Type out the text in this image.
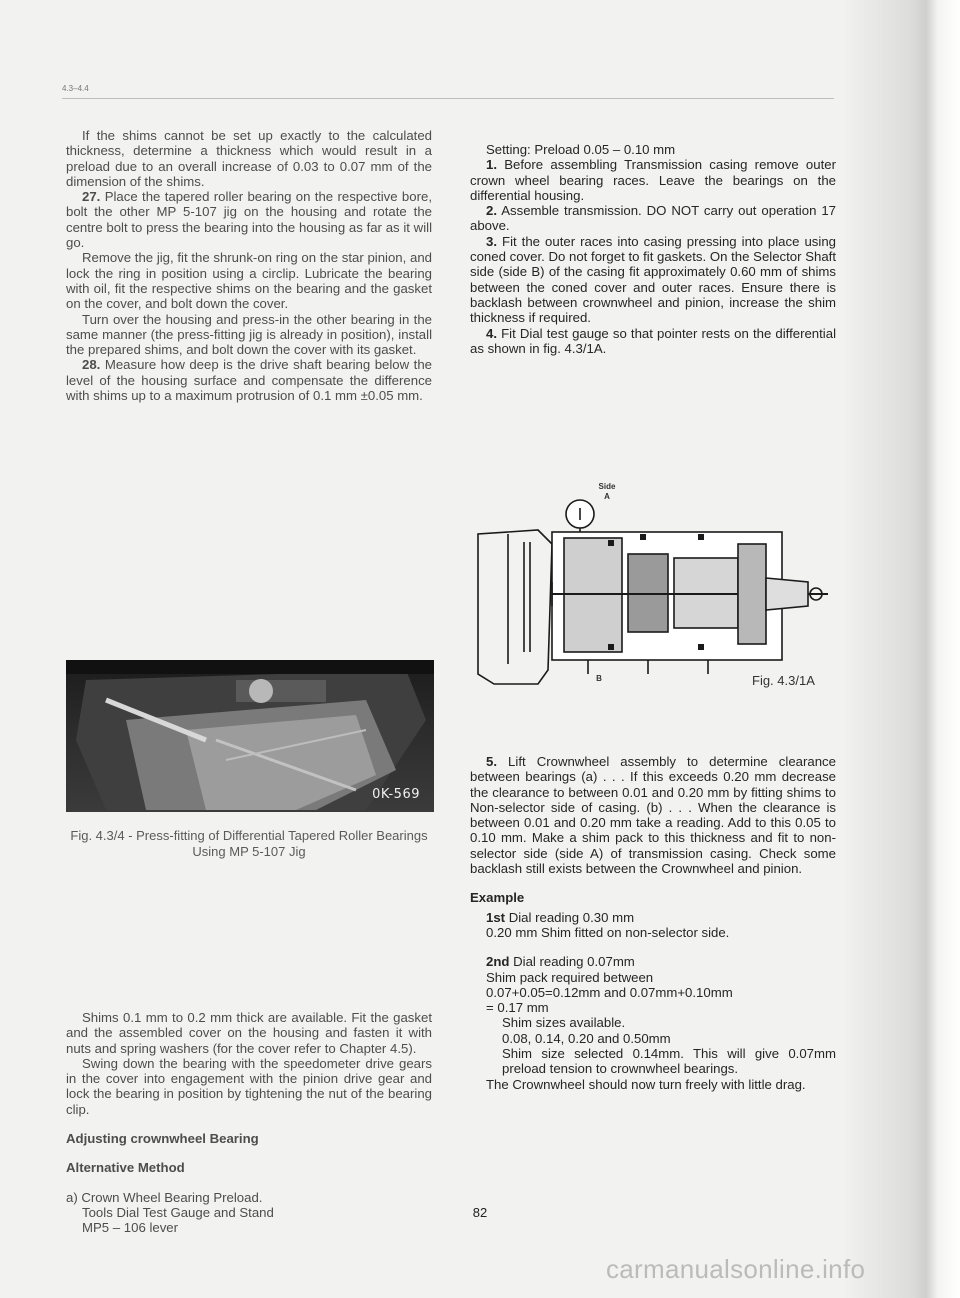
4.3–4.4

If the shims cannot be set up exactly to the calculated thickness, determine a thickness which would result in a preload due to an overall increase of 0.03 to 0.07 mm of the dimension of the shims.

27. Place the tapered roller bearing on the respective bore, bolt the other MP 5-107 jig on the housing and rotate the centre bolt to press the bearing into the housing as far as it will go.

Remove the jig, fit the shrunk-on ring on the star pinion, and lock the ring in position using a circlip. Lubricate the bearing with oil, fit the respective shims on the bearing and the gasket on the cover, and bolt down the cover.

Turn over the housing and press-in the other bearing in the same manner (the press-fitting jig is already in position), install the prepared shims, and bolt down the cover with its gasket.

28. Measure how deep is the drive shaft bearing below the level of the housing surface and compensate the difference with shims up to a maximum protrusion of 0.1 mm ±0.05 mm.

0K-569
Fig. 4.3/4 - Press-fitting of Differential Tapered Roller Bearings Using MP 5-107 Jig

Shims 0.1 mm to 0.2 mm thick are available. Fit the gasket and the assembled cover on the housing and fasten it with nuts and spring washers (for the cover refer to Chapter 4.5).

Swing down the bearing with the speedometer drive gears in the cover into engagement with the pinion drive gear and lock the bearing in position by tightening the nut of the bearing clip.

Adjusting crownwheel Bearing

Alternative Method

a) Crown Wheel Bearing Preload.

Tools Dial Test Gauge and Stand

MP5 – 106 lever

Setting: Preload 0.05 – 0.10 mm

1. Before assembling Transmission casing remove outer crown wheel bearing races. Leave the bearings on the differential housing.

2. Assemble transmission. DO NOT carry out operation 17 above.

3. Fit the outer races into casing pressing into place using coned cover. Do not forget to fit gaskets. On the Selector Shaft side (side B) of the casing fit approximately 0.60 mm of shims between the coned cover and outer races. Ensure there is backlash between crownwheel and pinion, increase the shim thickness if required.

4. Fit Dial test gauge so that pointer rests on the differential as shown in fig. 4.3/1A.

Side
A
B	Fig. 4.3/1A

5. Lift Crownwheel assembly to determine clearance between bearings (a) . . . If this exceeds 0.20 mm decrease the clearance to between 0.01 and 0.20 mm by fitting shims to Non-selector side of casing. (b) . . . When the clearance is between 0.01 and 0.20 mm take a reading. Add to this 0.05 to 0.10 mm. Make a shim pack to this thickness and fit to non-selector side (side A) of transmission casing. Check some backlash still exists between the Crownwheel and pinion.

Example

1st Dial reading 0.30 mm

0.20 mm Shim fitted on non-selector side.

2nd Dial reading 0.07mm

Shim pack required between

0.07+0.05=0.12mm and 0.07mm+0.10mm

= 0.17 mm

Shim sizes available.

0.08, 0.14, 0.20 and 0.50mm

Shim size selected 0.14mm. This will give 0.07mm preload tension to crownwheel bearings.

The Crownwheel should now turn freely with little drag.

82
carmanualsonline.info
